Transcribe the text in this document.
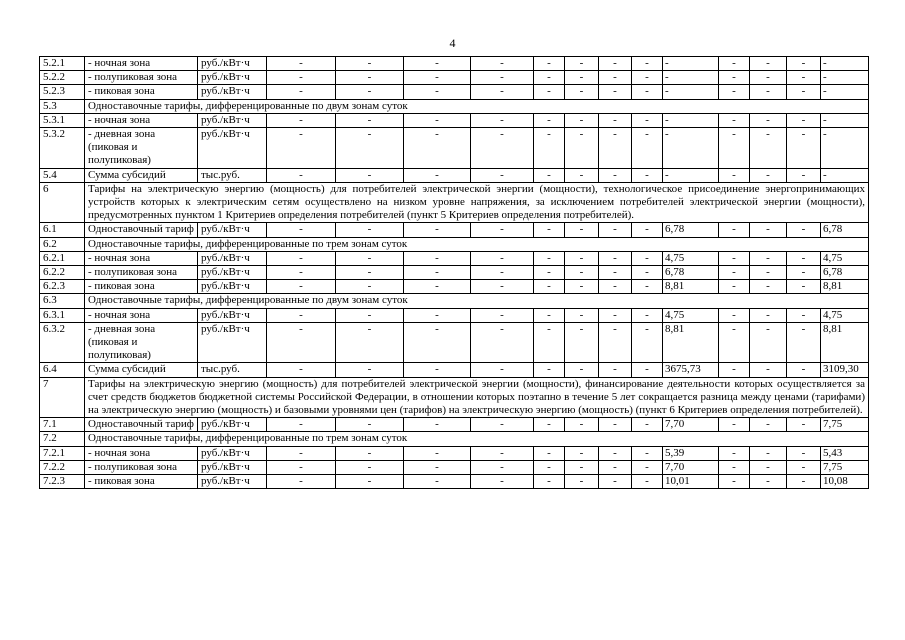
4
5.2.1	- ночная зона	руб./кВт·ч	-	-	-	-	-	-	-	-	-	-	-	-	-
5.2.2	- полупиковая зона	руб./кВт·ч	-	-	-	-	-	-	-	-	-	-	-	-	-
5.2.3	- пиковая зона	руб./кВт·ч	-	-	-	-	-	-	-	-	-	-	-	-	-
5.3	Одноставочные тарифы, дифференцированные по двум зонам суток														
5.3.1	- ночная зона	руб./кВт·ч	-	-	-	-	-	-	-	-	-	-	-	-	-
5.3.2	- дневная зона (пиковая и полупиковая)	руб./кВт·ч	-	-	-	-	-	-	-	-	-	-	-	-	-
5.4	Сумма субсидий	тыс.руб.	-	-	-	-	-	-	-	-	-	-	-	-	-
6	Тарифы на электрическую энергию (мощность) для потребителей электрической энергии (мощности), технологическое присоединение энергопринимающих устройств которых к электрическим сетям осуществлено на низком уровне напряжения, за исключением потребителей электрической энергии (мощности), предусмотренных пунктом 1 Критериев определения потребителей (пункт 5 Критериев определения потребителей).														
6.1	Одноставочный тариф	руб./кВт·ч	-	-	-	-	-	-	-	-	6,78	-	-	-	6,78
6.2	Одноставочные тарифы, дифференцированные по трем зонам суток														
6.2.1	- ночная зона	руб./кВт·ч	-	-	-	-	-	-	-	-	4,75	-	-	-	4,75
6.2.2	- полупиковая зона	руб./кВт·ч	-	-	-	-	-	-	-	-	6,78	-	-	-	6,78
6.2.3	- пиковая зона	руб./кВт·ч	-	-	-	-	-	-	-	-	8,81	-	-	-	8,81
6.3	Одноставочные тарифы, дифференцированные по двум зонам суток														
6.3.1	- ночная зона	руб./кВт·ч	-	-	-	-	-	-	-	-	4,75	-	-	-	4,75
6.3.2	- дневная зона (пиковая и полупиковая)	руб./кВт·ч	-	-	-	-	-	-	-	-	8,81	-	-	-	8,81
6.4	Сумма субсидий	тыс.руб.	-	-	-	-	-	-	-	-	3675,73	-	-	-	3109,30
7	Тарифы на электрическую энергию (мощность) для потребителей электрической энергии (мощности), финансирование деятельности которых осуществляется за счет средств бюджетов бюджетной системы Российской Федерации, в отношении которых поэтапно в течение 5 лет сокращается разница между ценами (тарифами) на электрическую энергию (мощность) и базовыми уровнями цен (тарифов) на электрическую энергию (мощность) (пункт 6 Критериев определения потребителей).														
7.1	Одноставочный тариф	руб./кВт·ч	-	-	-	-	-	-	-	-	7,70	-	-	-	7,75
7.2	Одноставочные тарифы, дифференцированные по трем зонам суток														
7.2.1	- ночная зона	руб./кВт·ч	-	-	-	-	-	-	-	-	5,39	-	-	-	5,43
7.2.2	- полупиковая зона	руб./кВт·ч	-	-	-	-	-	-	-	-	7,70	-	-	-	7,75
7.2.3	- пиковая зона	руб./кВт·ч	-	-	-	-	-	-	-	-	10,01	-	-	-	10,08
